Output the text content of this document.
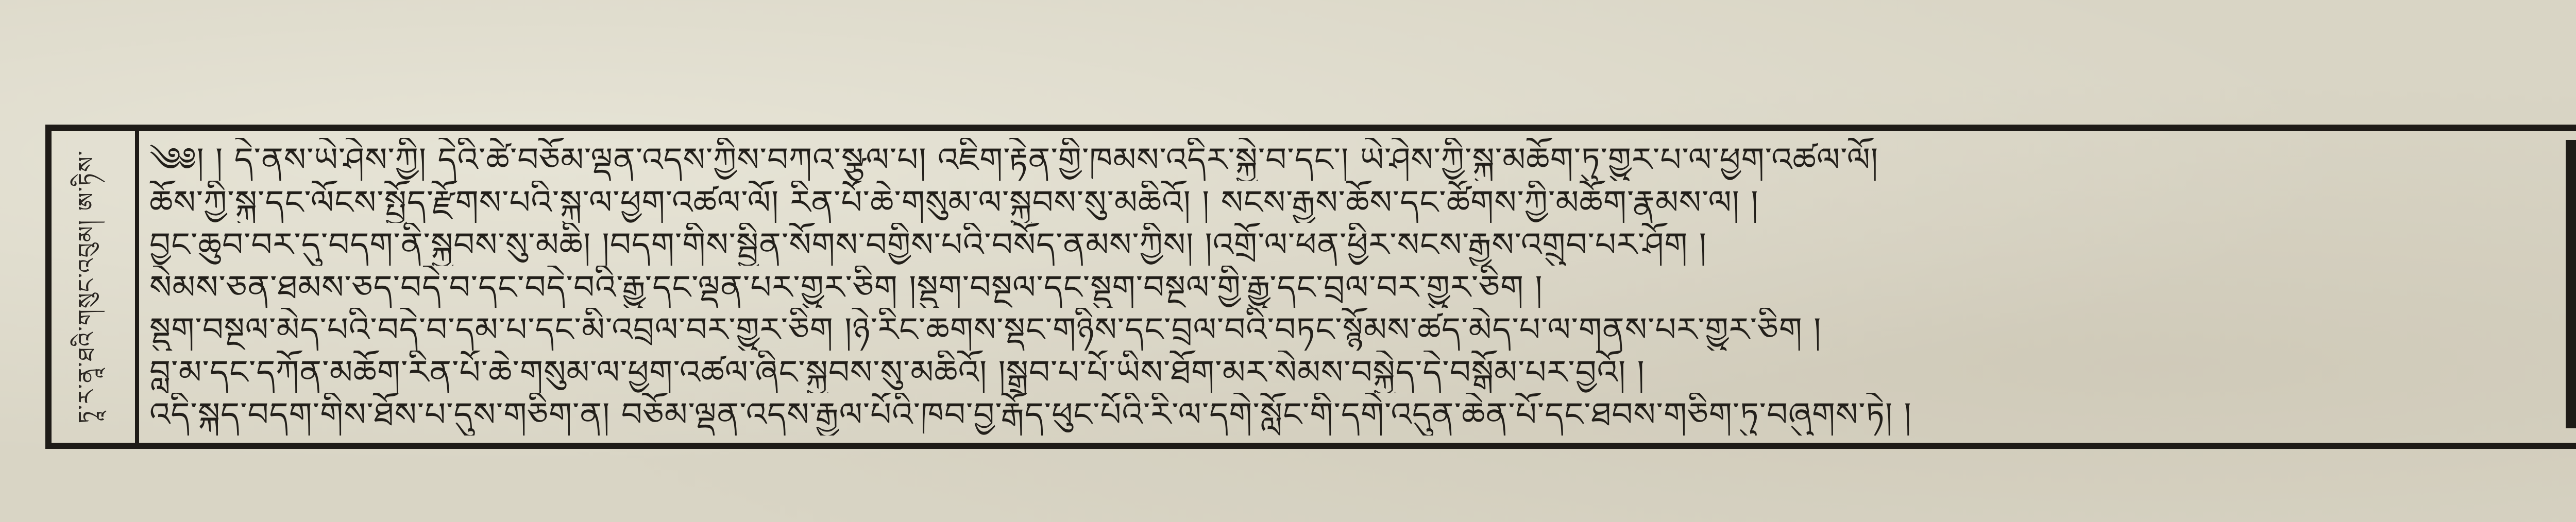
ཏཱ་ར་ནཱ་ཐའི་གསུང་འབུམ། ཨ་ཏིས་	༄༅། ། དེ་ནས་ཡེ་ཤེས་ཀྱི། དེའི་ཚེ་བཅོམ་ལྡན་འདས་ཀྱིས་བཀའ་སྩལ་པ། འཇིག་རྟེན་གྱི་ཁམས་འདིར་སྐྱེ་བ་དང་། ཡེ་ཤེས་ཀྱི་སྐུ་མཆོག་ཏུ་གྱུར་པ་ལ་ཕྱག་འཚལ་ལོ།
ཆོས་ཀྱི་སྐུ་དང་ལོངས་སྤྱོད་རྫོགས་པའི་སྐུ་ལ་ཕྱག་འཚལ་ལོ། རིན་པོ་ཆེ་གསུམ་ལ་སྐྱབས་སུ་མཆིའོ། ། སངས་རྒྱས་ཆོས་དང་ཚོགས་ཀྱི་མཆོག་རྣམས་ལ། །
བྱང་ཆུབ་བར་དུ་བདག་ནི་སྐྱབས་སུ་མཆི། །བདག་གིས་སྦྱིན་སོགས་བགྱིས་པའི་བསོད་ནམས་ཀྱིས། །འགྲོ་ལ་ཕན་ཕྱིར་སངས་རྒྱས་འགྲུབ་པར་ཤོག །
སེམས་ཅན་ཐམས་ཅད་བདེ་བ་དང་བདེ་བའི་རྒྱུ་དང་ལྡན་པར་གྱུར་ཅིག །སྡུག་བསྔལ་དང་སྡུག་བསྔལ་གྱི་རྒྱུ་དང་བྲལ་བར་གྱུར་ཅིག །
སྡུག་བསྔལ་མེད་པའི་བདེ་བ་དམ་པ་དང་མི་འབྲལ་བར་གྱུར་ཅིག །ཉེ་རིང་ཆགས་སྡང་གཉིས་དང་བྲལ་བའི་བཏང་སྙོམས་ཚད་མེད་པ་ལ་གནས་པར་གྱུར་ཅིག །
བླ་མ་དང་དཀོན་མཆོག་རིན་པོ་ཆེ་གསུམ་ལ་ཕྱག་འཚལ་ཞིང་སྐྱབས་སུ་མཆིའོ། །སྒྲུབ་པ་པོ་ཡིས་ཐོག་མར་སེམས་བསྐྱེད་དེ་བསྒོམ་པར་བྱའོ། །
འདི་སྐད་བདག་གིས་ཐོས་པ་དུས་གཅིག་ན། བཅོམ་ལྡན་འདས་རྒྱལ་པོའི་ཁབ་བྱ་རྒོད་ཕུང་པོའི་རི་ལ་དགེ་སློང་གི་དགེ་འདུན་ཆེན་པོ་དང་ཐབས་གཅིག་ཏུ་བཞུགས་ཏེ། །
